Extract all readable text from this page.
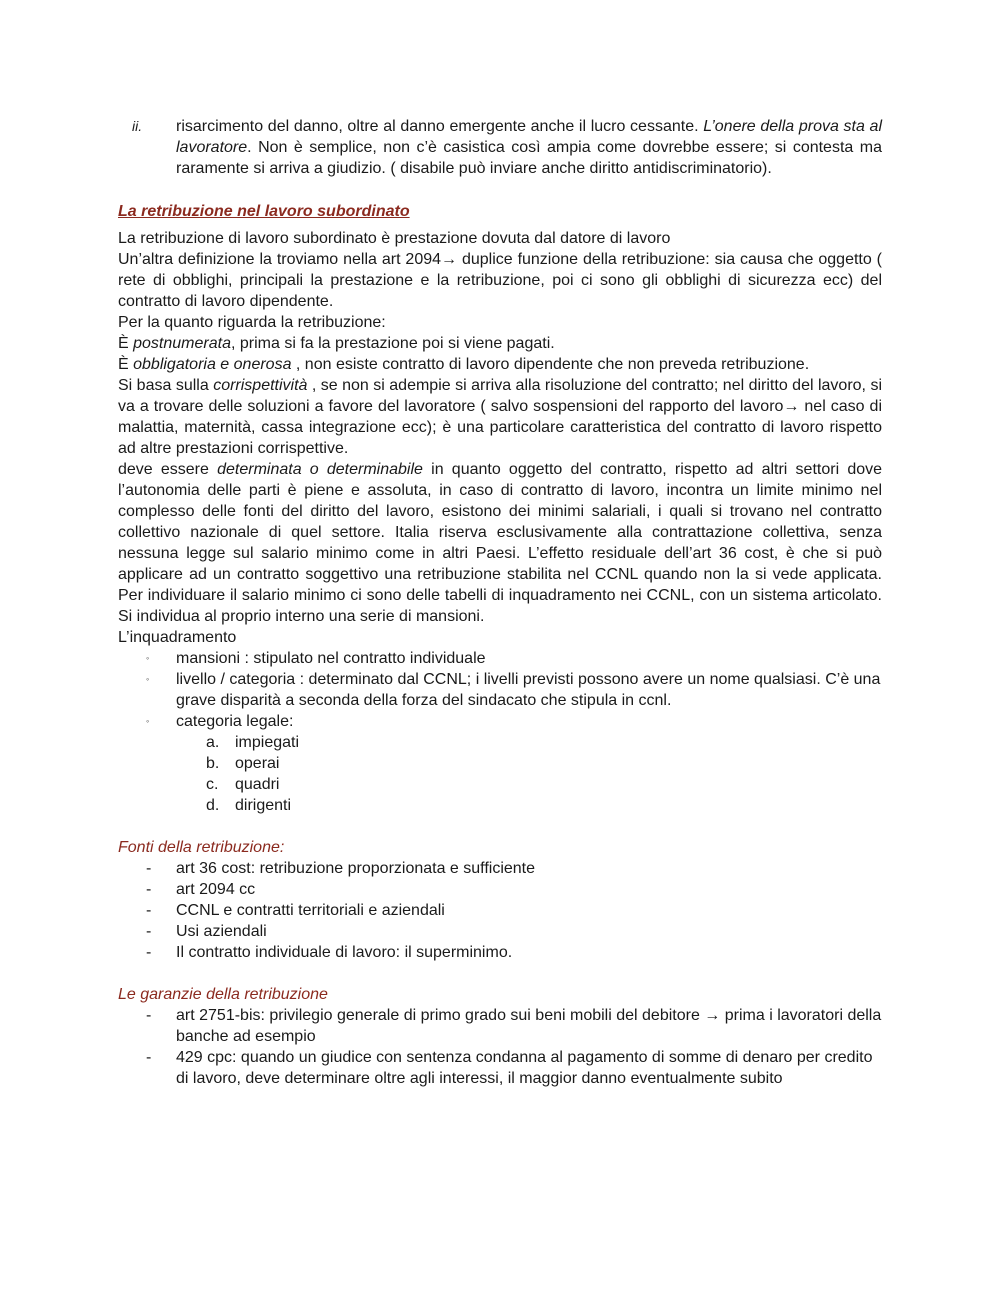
ii. risarcimento del danno, oltre al danno emergente anche il lucro cessante. L’onere della prova sta al lavoratore. Non è semplice, non c’è casistica così ampia come dovrebbe essere; si contesta ma raramente si arriva a giudizio. ( disabile può inviare anche diritto antidiscriminatorio).
La retribuzione nel lavoro subordinato

La retribuzione di lavoro subordinato è prestazione dovuta dal datore di lavoro

Un’altra definizione la troviamo nella art 2094→ duplice funzione della retribuzione: sia causa che oggetto ( rete di obblighi, principali la prestazione e la retribuzione, poi ci sono gli obblighi di sicurezza ecc) del contratto di lavoro dipendente.

Per la quanto riguarda la retribuzione:

È postnumerata, prima si fa la prestazione poi si viene pagati.

È obbligatoria e onerosa , non esiste contratto di lavoro dipendente che non preveda retribuzione.

Si basa sulla corrispettività , se non si adempie si arriva alla risoluzione del contratto; nel diritto del lavoro, si va a trovare delle soluzioni a favore del lavoratore ( salvo sospensioni del rapporto del lavoro→ nel caso di malattia, maternità, cassa integrazione ecc); è una particolare caratteristica del contratto di lavoro rispetto ad altre prestazioni corrispettive.

deve essere determinata o determinabile in quanto oggetto del contratto, rispetto ad altri settori dove l’autonomia delle parti è piene e assoluta, in caso di contratto di lavoro, incontra un limite minimo nel complesso delle fonti del diritto del lavoro, esistono dei minimi salariali, i quali si trovano nel contratto collettivo nazionale di quel settore. Italia riserva esclusivamente alla contrattazione collettiva, senza nessuna legge sul salario minimo come in altri Paesi. L’effetto residuale dell’art 36 cost, è che si può applicare ad un contratto soggettivo una retribuzione stabilita nel CCNL quando non la si vede applicata. Per individuare il salario minimo ci sono delle tabelli di inquadramento nei CCNL, con un sistema articolato. Si individua al proprio interno una serie di mansioni.

L’inquadramento

◦ mansioni : stipulato nel contratto individuale
◦ livello / categoria : determinato dal CCNL; i livelli previsti possono avere un nome qualsiasi. C’è una grave disparità a seconda della forza del sindacato che stipula in ccnl.
◦ categoria legale:
a. impiegati
b. operai
c. quadri
d. dirigenti
Fonti della retribuzione:
- art 36 cost: retribuzione proporzionata e sufficiente
- art 2094 cc
- CCNL e contratti territoriali e aziendali
- Usi aziendali
- Il contratto individuale di lavoro: il superminimo.
Le garanzie della retribuzione
- art 2751-bis: privilegio generale di primo grado sui beni mobili del debitore → prima i lavoratori della banche ad esempio
- 429 cpc: quando un giudice con sentenza condanna al pagamento di somme di denaro per credito di lavoro, deve determinare oltre agli interessi, il maggior danno eventualmente subito
